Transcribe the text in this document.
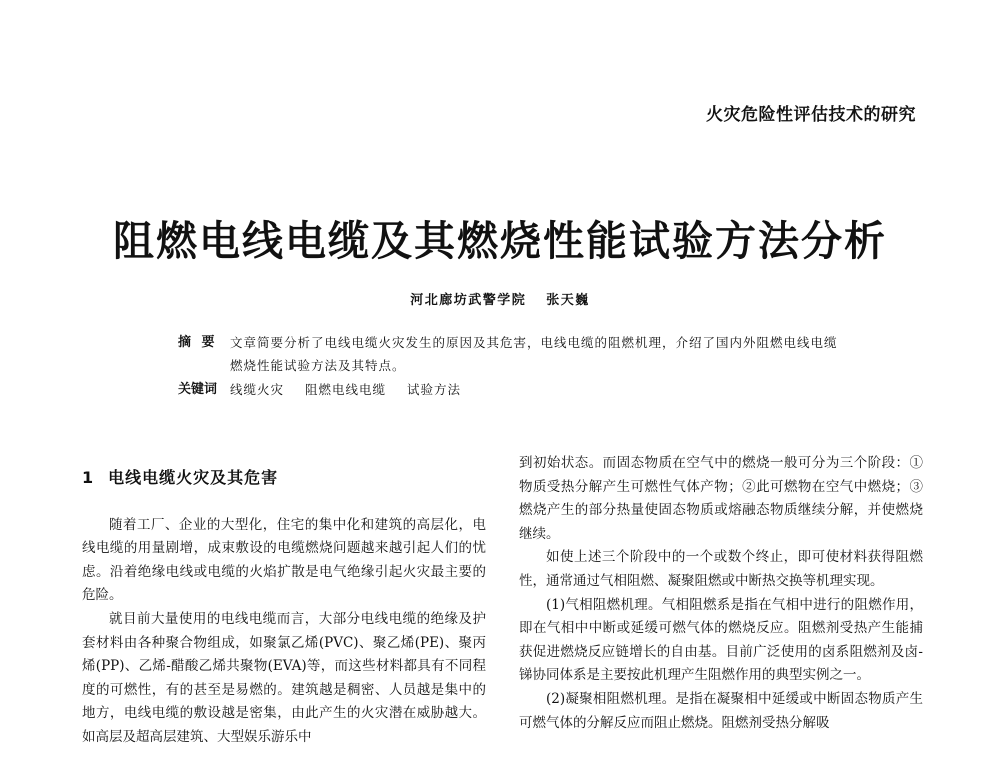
火灾危险性评估技术的研究
阻燃电线电缆及其燃烧性能试验方法分析
河北廊坊武警学院 张天巍
摘 要 文章简要分析了电线电缆火灾发生的原因及其危害，电线电缆的阻燃机理，介绍了国内外阻燃电线电缆燃烧性能试验方法及其特点。
关键词	线缆火灾 阻燃电线电缆 试验方法
1 电线电缆火灾及其危害

随着工厂、企业的大型化，住宅的集中化和建筑的高层化，电线电缆的用量剧增，成束敷设的电缆燃烧问题越来越引起人们的忧虑。沿着绝缘电线或电缆的火焰扩散是电气绝缘引起火灾最主要的危险。

就目前大量使用的电线电缆而言，大部分电线电缆的绝缘及护套材料由各种聚合物组成，如聚氯乙烯(PVC)、聚乙烯(PE)、聚丙烯(PP)、乙烯-醋酸乙烯共聚物(EVA)等，而这些材料都具有不同程度的可燃性，有的甚至是易燃的。建筑越是稠密、人员越是集中的地方，电线电缆的敷设越是密集，由此产生的火灾潜在威胁越大。如高层及超高层建筑、大型娱乐游乐中

到初始状态。而固态物质在空气中的燃烧一般可分为三个阶段：①物质受热分解产生可燃性气体产物；②此可燃物在空气中燃烧；③燃烧产生的部分热量使固态物质或熔融态物质继续分解，并使燃烧继续。

如使上述三个阶段中的一个或数个终止，即可使材料获得阻燃性，通常通过气相阻燃、凝聚阻燃或中断热交换等机理实现。

(1)气相阻燃机理。气相阻燃系是指在气相中进行的阻燃作用，即在气相中中断或延缓可燃气体的燃烧反应。阻燃剂受热产生能捕获促进燃烧反应链增长的自由基。目前广泛使用的卤系阻燃剂及卤-锑协同体系是主要按此机理产生阻燃作用的典型实例之一。

(2)凝聚相阻燃机理。是指在凝聚相中延缓或中断固态物质产生可燃气体的分解反应而阻止燃烧。阻燃剂受热分解吸
